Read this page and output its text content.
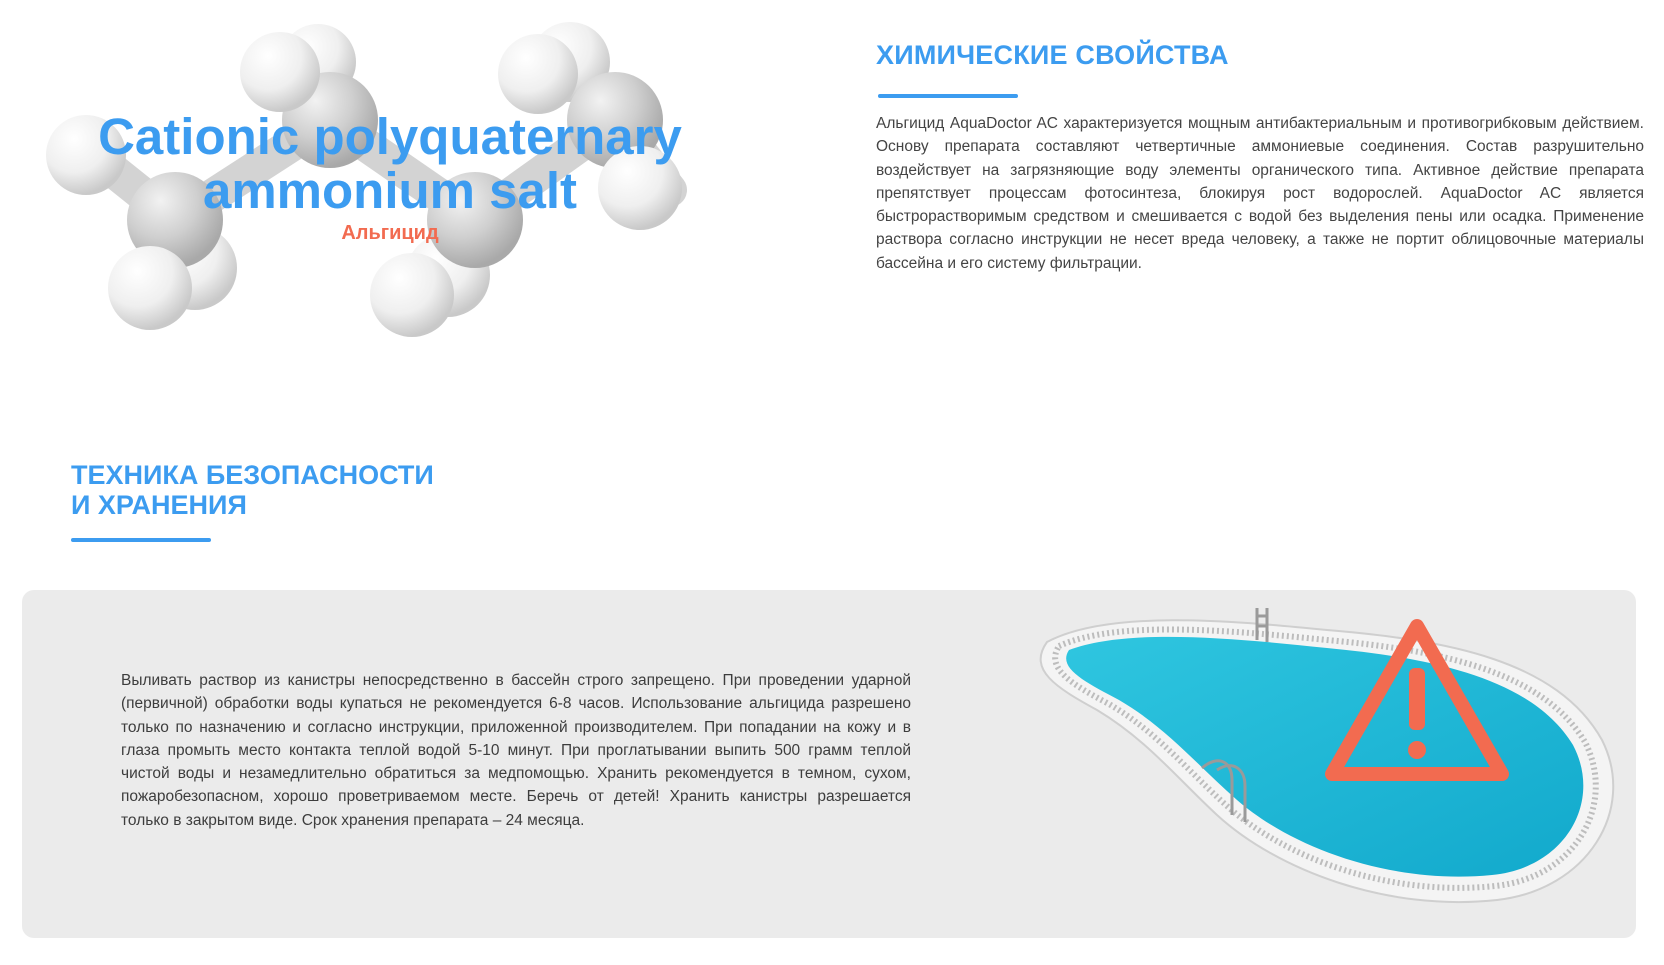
Cationic polyquaternary ammonium salt
Альгицид
ХИМИЧЕСКИЕ СВОЙСТВА

Альгицид AquaDoctor AC характеризуется мощным антибактериальным и противогрибковым действием. Основу препарата составляют четвертичные аммониевые соединения. Состав разрушительно воздействует на загрязняющие воду элементы органического типа. Активное действие препарата препятствует процессам фотосинтеза, блокируя рост водорослей. AquaDoctor AC является быстрорастворимым средством и смешивается с водой без выделения пены или осадка. Применение раствора согласно инструкции не несет вреда человеку, а также не портит облицовочные материалы бассейна и его систему фильтрации.

ТЕХНИКА БЕЗОПАСНОСТИ
И ХРАНЕНИЯ

Выливать раствор из канистры непосредственно в бассейн строго запрещено. При проведении ударной (первичной) обработки воды купаться не рекомендуется 6-8 часов. Использование альгицида разрешено только по назначению и согласно инструкции, приложенной производителем. При попадании на кожу и в глаза промыть место контакта теплой водой 5-10 минут. При проглатывании выпить 500 грамм теплой чистой воды и незамедлительно обратиться за медпомощью. Хранить рекомендуется в темном, сухом, пожаробезопасном, хорошо проветриваемом месте. Беречь от детей! Хранить канистры разрешается только в закрытом виде. Срок хранения препарата – 24 месяца.
